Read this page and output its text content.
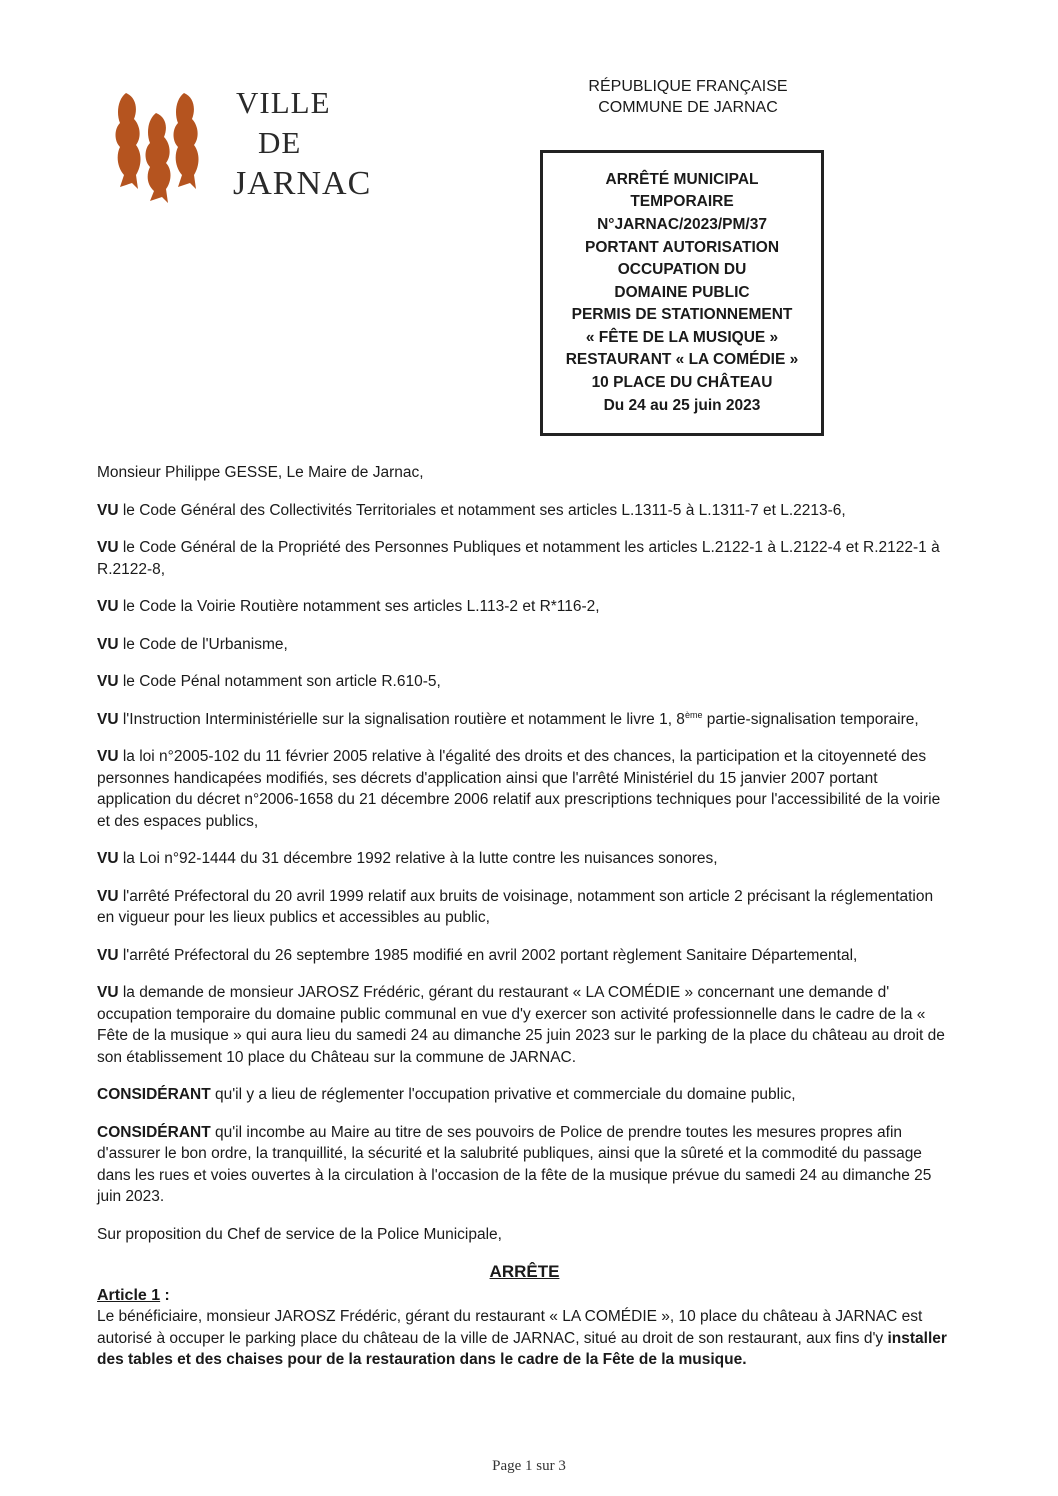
VILLE
DE
JARNAC
RÉPUBLIQUE FRANÇAISE
COMMUNE DE JARNAC
ARRÊTÉ MUNICIPAL
TEMPORAIRE
N°JARNAC/2023/PM/37
PORTANT AUTORISATION
OCCUPATION DU
DOMAINE PUBLIC
PERMIS DE STATIONNEMENT
« FÊTE DE LA MUSIQUE »
RESTAURANT « LA COMÉDIE »
10 PLACE DU CHÂTEAU
Du 24 au 25 juin 2023

Monsieur Philippe GESSE, Le Maire de Jarnac,

VU le Code Général des Collectivités Territoriales et notamment ses articles L.1311-5 à L.1311-7 et L.2213-6,

VU le Code Général de la Propriété des Personnes Publiques et notamment les articles L.2122-1 à L.2122-4 et R.2122-1 à R.2122-8,

VU le Code la Voirie Routière notamment ses articles L.113-2 et R*116-2,

VU le Code de l'Urbanisme,

VU le Code Pénal notamment son article R.610-5,

VU l'Instruction Interministérielle sur la signalisation routière et notamment le livre 1, 8ème partie-signalisation temporaire,

VU la loi n°2005-102 du 11 février 2005 relative à l'égalité des droits et des chances, la participation et la citoyenneté des personnes handicapées modifiés, ses décrets d'application ainsi que l'arrêté Ministériel du 15 janvier 2007 portant application du décret n°2006-1658 du 21 décembre 2006 relatif aux prescriptions techniques pour l'accessibilité de la voirie et des espaces publics,

VU la Loi n°92-1444 du 31 décembre 1992 relative à la lutte contre les nuisances sonores,

VU l'arrêté Préfectoral du 20 avril 1999 relatif aux bruits de voisinage, notamment son article 2 précisant la réglementation en vigueur pour les lieux publics et accessibles au public,

VU l'arrêté Préfectoral du 26 septembre 1985 modifié en avril 2002 portant règlement Sanitaire Départemental,

VU la demande de monsieur JAROSZ Frédéric, gérant du restaurant « LA COMÉDIE » concernant une demande d' occupation temporaire du domaine public communal en vue d'y exercer son activité professionnelle dans le cadre de la « Fête de la musique » qui aura lieu du samedi 24 au dimanche 25 juin 2023 sur le parking de la place du château au droit de son établissement 10 place du Château sur la commune de JARNAC.

CONSIDÉRANT qu'il y a lieu de réglementer l'occupation privative et commerciale du domaine public,

CONSIDÉRANT qu'il incombe au Maire au titre de ses pouvoirs de Police de prendre toutes les mesures propres afin d'assurer le bon ordre, la tranquillité, la sécurité et la salubrité publiques, ainsi que la sûreté et la commodité du passage dans les rues et voies ouvertes à la circulation à l'occasion de la fête de la musique prévue du samedi 24 au dimanche 25 juin 2023.

Sur proposition du Chef de service de la Police Municipale,

ARRÊTE
Article 1 :

Le bénéficiaire, monsieur JAROSZ Frédéric, gérant du restaurant « LA COMÉDIE », 10 place du château à JARNAC est autorisé à occuper le parking place du château de la ville de JARNAC, situé au droit de son restaurant, aux fins d'y installer des tables et des chaises pour de la restauration dans le cadre de la Fête de la musique.

Page 1 sur 3
